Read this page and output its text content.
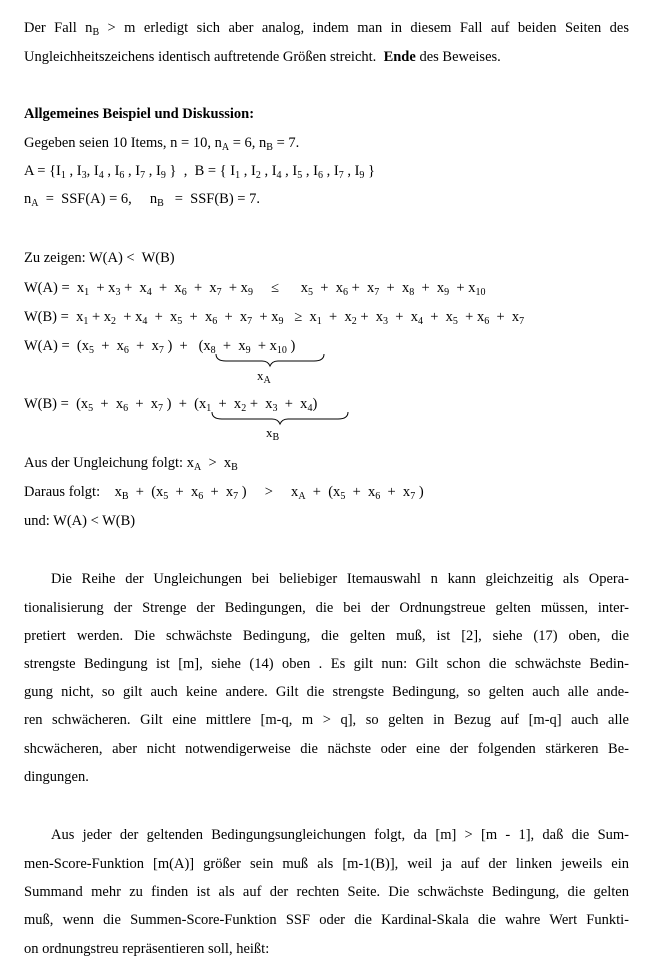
Der Fall $n_B > m$ erledigt sich aber analog, indem man in diesem Fall auf beiden Seiten des
Ungleichheitszeichens identisch auftretende Größen streicht. Ende des Beweises.
Allgemeines Beispiel und Diskussion:
Gegeben seien 10 Items, n = 10, $n_A = 6$, $n_B = 7$.
$A = \{I_1$ , $I_3$, $I_4$ , $I_6$ , $I_7$ , $I_9$ }  ,  B = { $I_1$ , $I_2$ , $I_4$ , $I_5$ , $I_6$ , $I_7$ , $I_9$ }
$n_A = SSF(A) = 6$,     $n_B = SSF(B) = 7$.
Zu zeigen: W(A) <  W(B)
$W(A) = x_1 + x_3 + x_4 + x_6 + x_7 + x_9$     ≤      $x_5 + x_6 + x_7 + x_8 + x_9 + x_{10}$
$W(B) = x_1 + x_2 + x_4 + x_5 + x_6 + x_7 + x_9 \ge x_1 + x_2 + x_3 + x_4 + x_5 + x_6 + x_7$
$W(A) = (x_5 + x_6 + x_7$ )  +   ($x_8 + x_9 + x_{10}$ )
$x_A$
$W(B) = (x_5 + x_6 + x_7$ )  +  $(x_1 + x_2 + x_3 + x_4)$
$x_B$
Aus der Ungleichung folgt: $x_A > x_B$
Daraus folgt:    $x_B + (x_5 + x_6 + x_7$ )     >     $x_A + (x_5 + x_6 + x_7$ )
und: W(A) < W(B)
Die Reihe der Ungleichungen bei beliebiger Itemauswahl n kann gleichzeitig als Opera-
tionalisierung der Strenge der Bedingungen, die bei der Ordnungstreue gelten müssen, inter-
pretiert werden. Die schwächste Bedingung, die gelten muß, ist [2], siehe (17) oben, die
strengste Bedingung ist [m], siehe (14) oben . Es gilt nun: Gilt schon die schwächste Bedin-
gung nicht, so gilt auch keine andere. Gilt die strengste Bedingung, so gelten auch alle ande-
ren schwächeren. Gilt eine mittlere [m-q, m > q], so gelten in Bezug auf [m-q] auch alle
shcwächeren, aber nicht notwendigerweise die nächste oder eine der folgenden stärkeren Be-
dingungen.
Aus jeder der geltenden Bedingungsungleichungen folgt, da [m] > [m - 1], daß die Sum-
men-Score-Funktion [m(A)] größer sein muß als [m-1(B)], weil ja auf der linken jeweils ein
Summand mehr zu finden ist als auf der rechten Seite. Die schwächste Bedingung, die gelten
muß, wenn die Summen-Score-Funktion SSF oder die Kardinal-Skala die wahre Wert Funkti-
on ordnungstreu repräsentieren soll, heißt:
